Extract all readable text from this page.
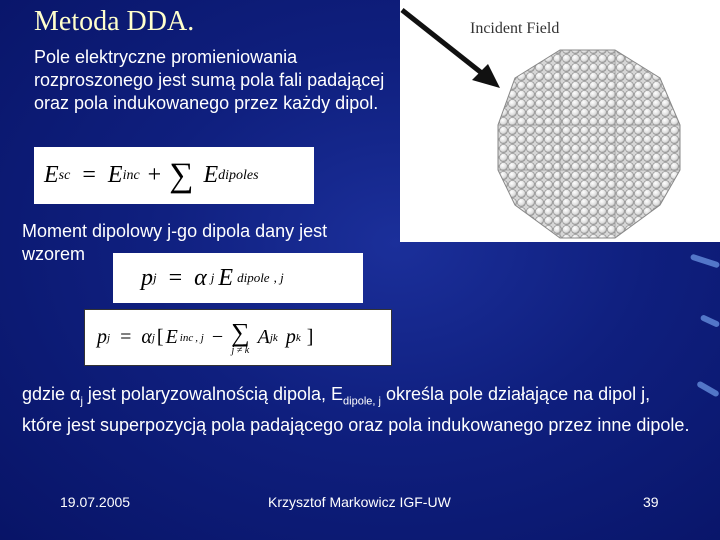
Metoda DDA.
Pole elektryczne promieniowania rozproszonego jest sumą pola fali padającej oraz pola indukowanego przez każdy dipol.
E sc = E inc + ∑ E dipoles
Incident Field
Moment dipolowy j-go dipola dany jest wzorem
p j = α j E dipole , j
p j = α j [ E inc , j − ∑
j ≠ k
A jk p k ]
gdzie $\alpha_j$ jest polaryzowalnością dipola, $E_{dipole, j}$ określa pole działające na dipol j, które jest superpozycją pola padającego oraz pola indukowanego przez inne dipole.
19.07.2005	Krzysztof Markowicz IGF-UW	39
